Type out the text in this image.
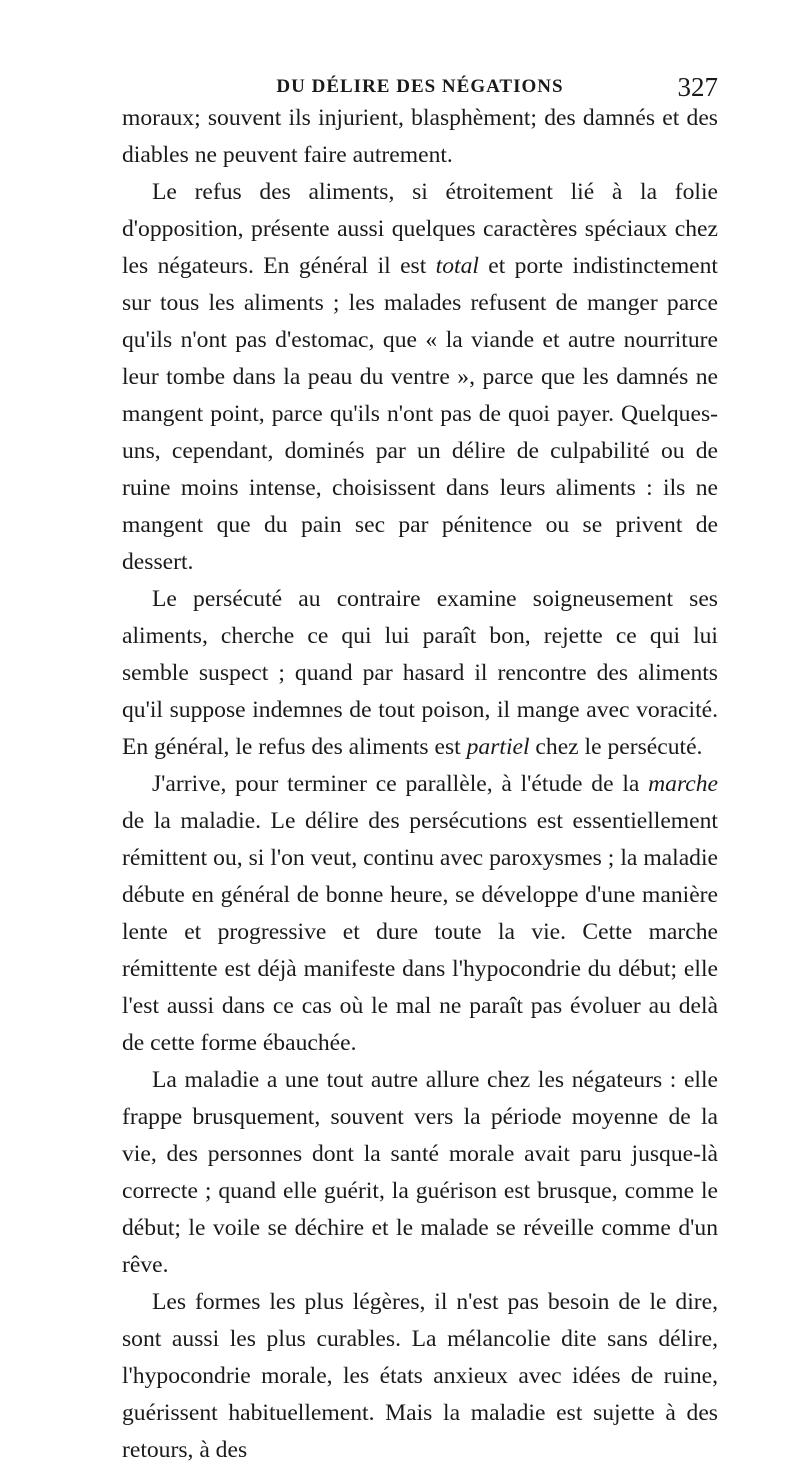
DU DÉLIRE DES NÉGATIONS	327

moraux; souvent ils injurient, blasphèment; des damnés et des diables ne peuvent faire autrement.

Le refus des aliments, si étroitement lié à la folie d'opposition, présente aussi quelques caractères spéciaux chez les négateurs. En général il est total et porte indistinctement sur tous les aliments ; les malades refusent de manger parce qu'ils n'ont pas d'estomac, que « la viande et autre nourriture leur tombe dans la peau du ventre », parce que les damnés ne mangent point, parce qu'ils n'ont pas de quoi payer. Quelques-uns, cependant, dominés par un délire de culpabilité ou de ruine moins intense, choisissent dans leurs aliments : ils ne mangent que du pain sec par pénitence ou se privent de dessert.

Le persécuté au contraire examine soigneusement ses aliments, cherche ce qui lui paraît bon, rejette ce qui lui semble suspect ; quand par hasard il rencontre des aliments qu'il suppose indemnes de tout poison, il mange avec voracité. En général, le refus des aliments est partiel chez le persécuté.

J'arrive, pour terminer ce parallèle, à l'étude de la marche de la maladie. Le délire des persécutions est essentiellement rémittent ou, si l'on veut, continu avec paroxysmes ; la maladie débute en général de bonne heure, se développe d'une manière lente et progressive et dure toute la vie. Cette marche rémittente est déjà manifeste dans l'hypocondrie du début; elle l'est aussi dans ce cas où le mal ne paraît pas évoluer au delà de cette forme ébauchée.

La maladie a une tout autre allure chez les négateurs : elle frappe brusquement, souvent vers la période moyenne de la vie, des personnes dont la santé morale avait paru jusque-là correcte ; quand elle guérit, la guérison est brusque, comme le début; le voile se déchire et le malade se réveille comme d'un rêve.

Les formes les plus légères, il n'est pas besoin de le dire, sont aussi les plus curables. La mélancolie dite sans délire, l'hypocondrie morale, les états anxieux avec idées de ruine, guérissent habituellement. Mais la maladie est sujette à des retours, à des
